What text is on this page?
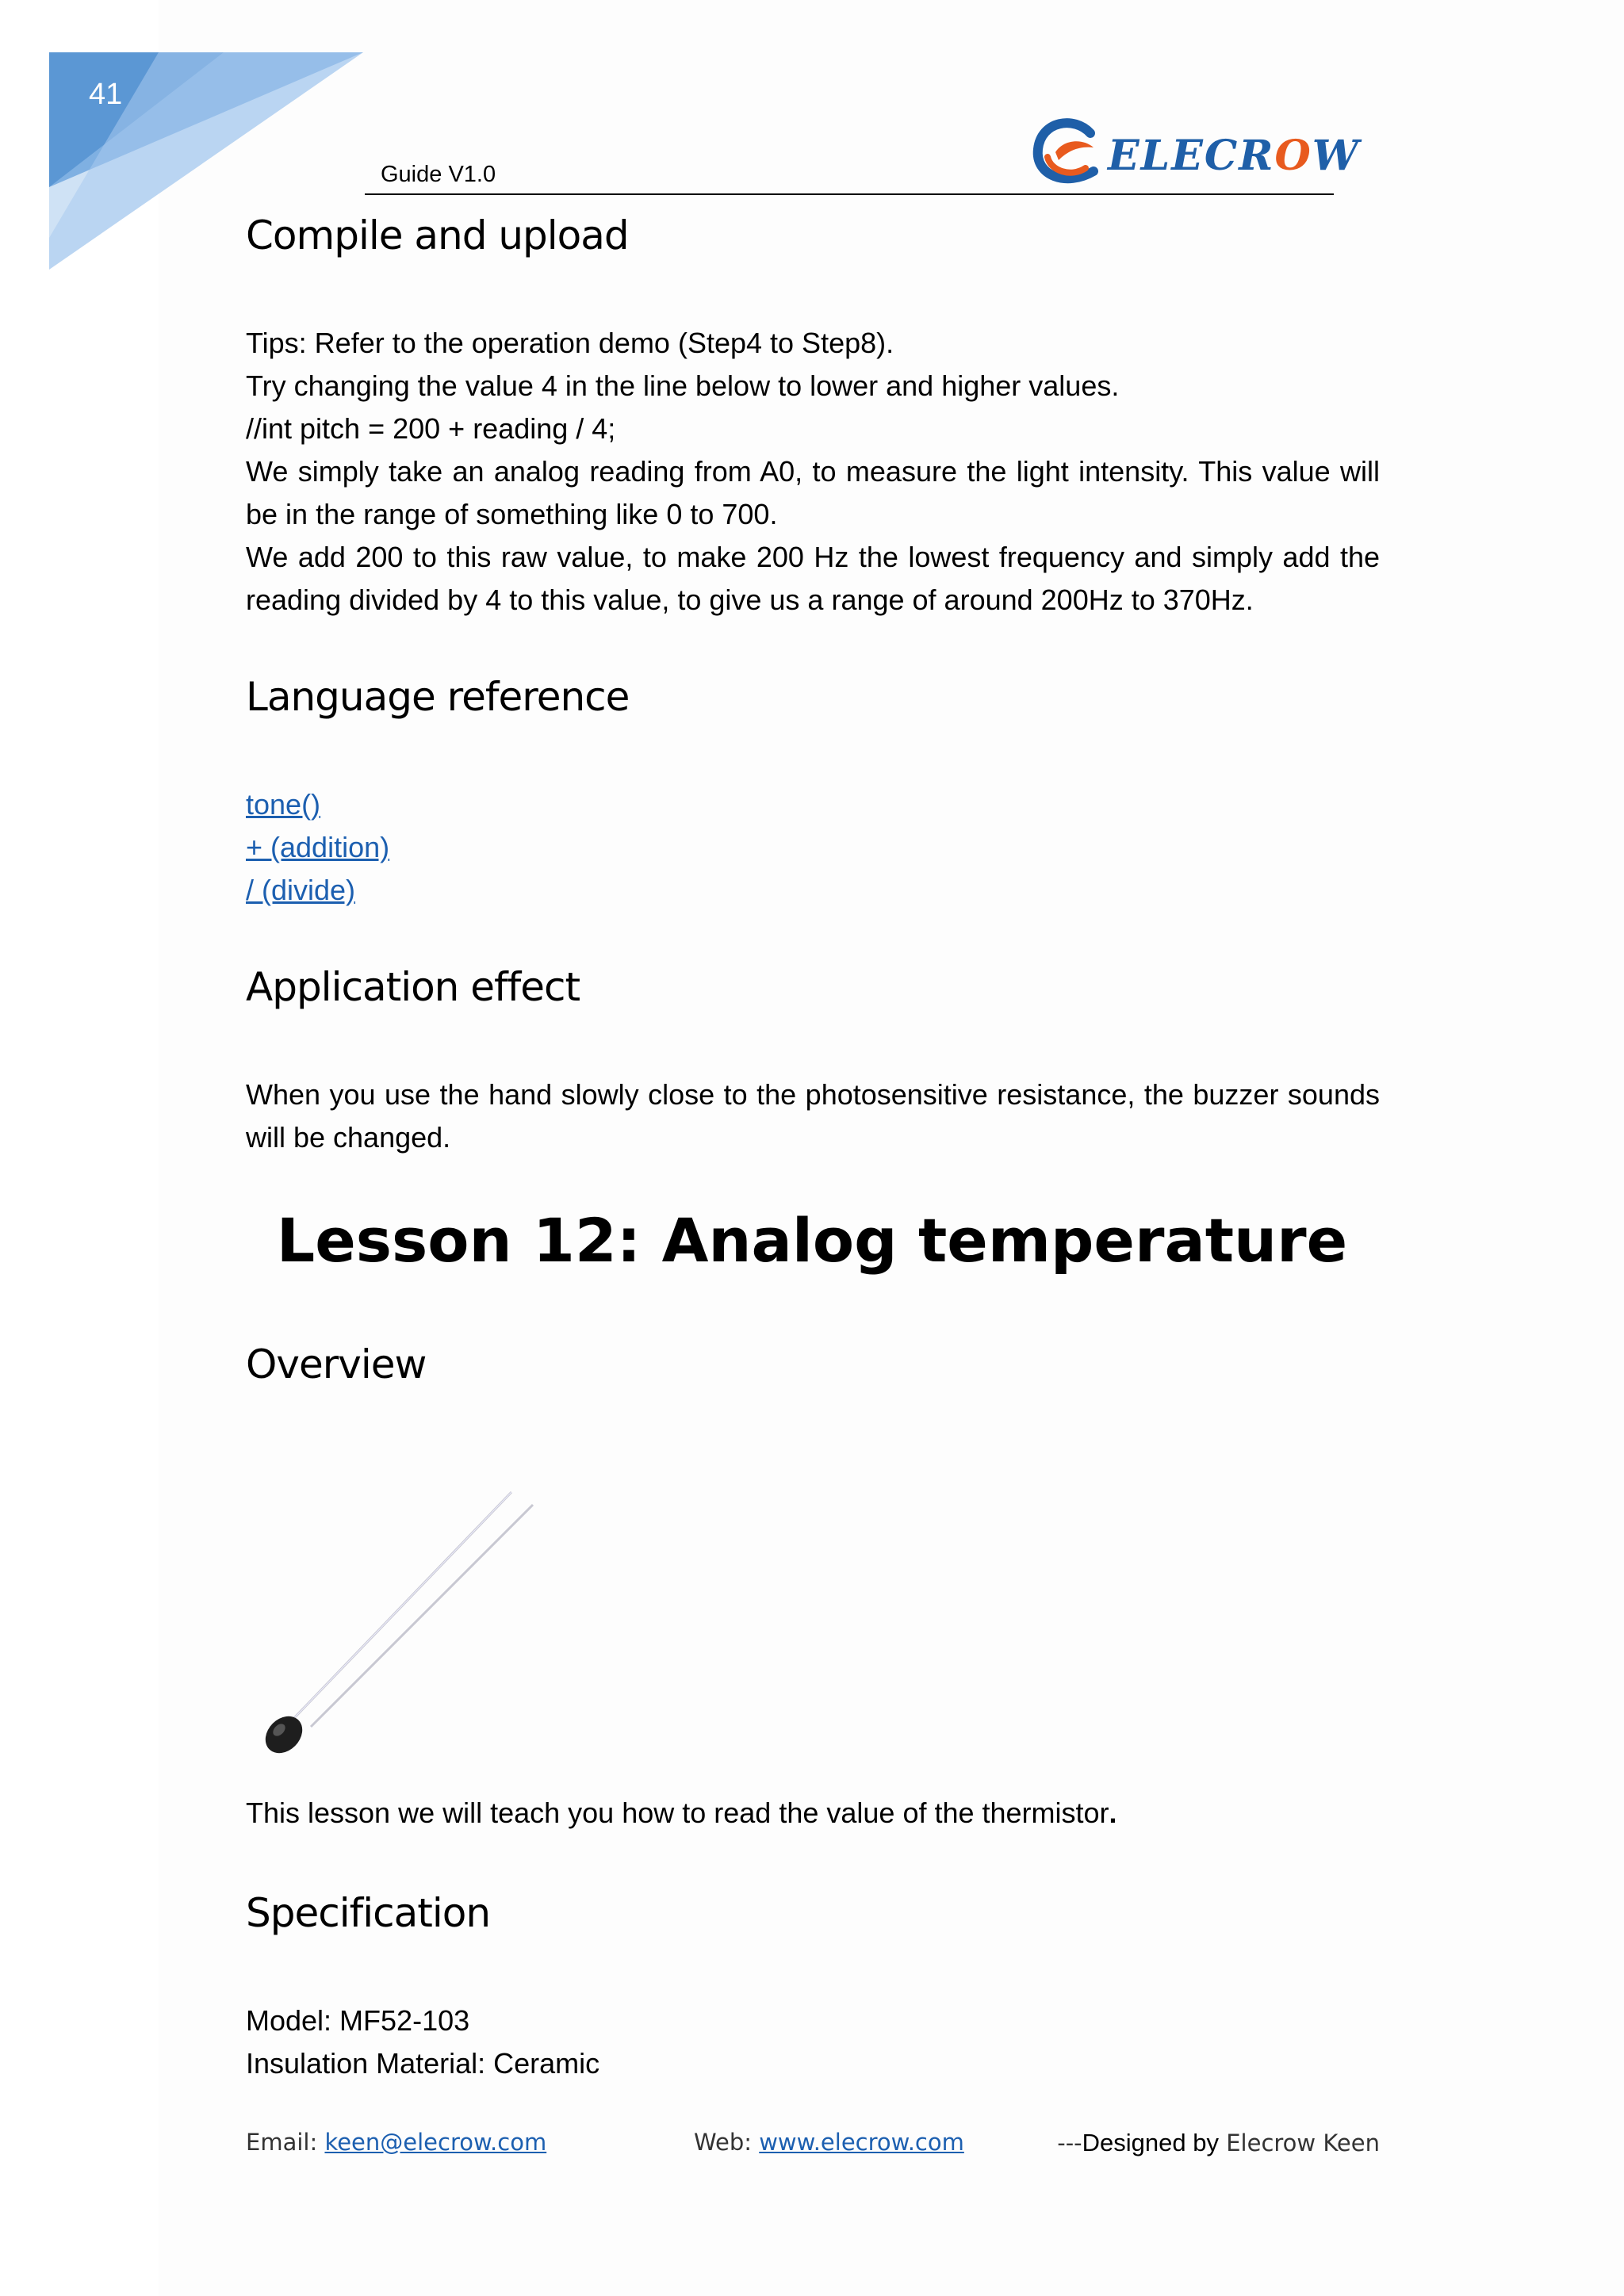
41
Guide V1.0	ELECROW
Compile and upload

Tips: Refer to the operation demo (Step4 to Step8).

Try changing the value 4 in the line below to lower and higher values.

//int pitch = 200 + reading / 4;

We simply take an analog reading from A0, to measure the light intensity. This value will be in the range of something like 0 to 700.

We add 200 to this raw value, to make 200 Hz the lowest frequency and simply add the reading divided by 4 to this value, to give us a range of around 200Hz to 370Hz.

Language reference
tone()
+ (addition)
/ (divide)
Application effect

When you use the hand slowly close to the photosensitive resistance, the buzzer sounds will be changed.

Lesson 12: Analog temperature
Overview

This lesson we will teach you how to read the value of the thermistor.

Specification

Model: MF52-103

Insulation Material: Ceramic

Email: keen@elecrow.com	Web: www.elecrow.com	---Designed by Elecrow Keen
